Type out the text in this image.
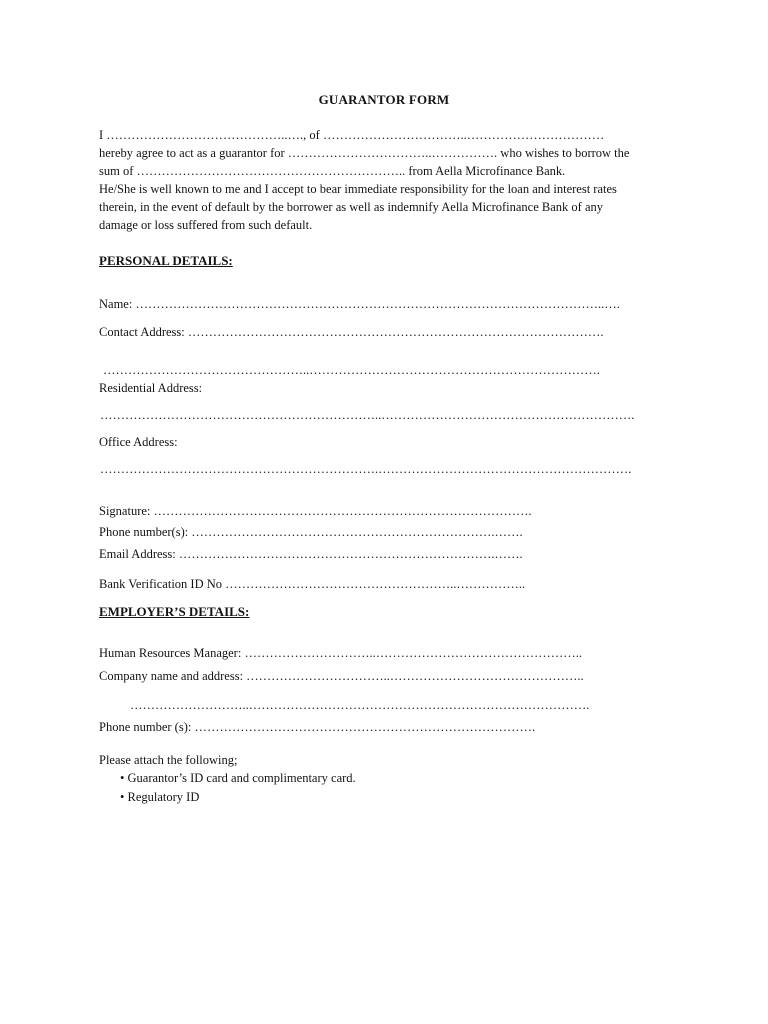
GUARANTOR FORM
I ……………………………………..…., of ……………………………..……………………………
hereby agree to act as a guarantor for ……………………………..……………. who wishes to borrow the
sum of ……………………………………………………….. from Aella Microfinance Bank.
He/She is well known to me and I accept to bear immediate responsibility for the loan and interest rates
therein, in the event of default by the borrower as well as indemnify Aella Microfinance Bank of any
damage or loss suffered from such default.
PERSONAL DETAILS:
Name: …………………………………………………………………………………………………..….
Contact Address: ……………………………………………………………………………………….
…………………………………………..…………………………………………………………….
Residential Address:
…………………………………………………………..…………………………………………………….
Office Address:
………………………………………………………….…………………………………………………….
Signature: ……………………………………………………………………………….
Phone number(s): ……………………………………………………………….…….
Email Address: ………………………………………………………………….…….
Bank Verification ID No ………………………………………………..……………..
EMPLOYER’S DETAILS:
Human Resources Manager: …………………………..…………………………………………..
Company name and address: ……………………………..………………………………………..
………………………..……………………………………………………………………….
Phone number (s): ……………………………………………………………………….
Please attach the following;
• Guarantor’s ID card and complimentary card.
• Regulatory ID
